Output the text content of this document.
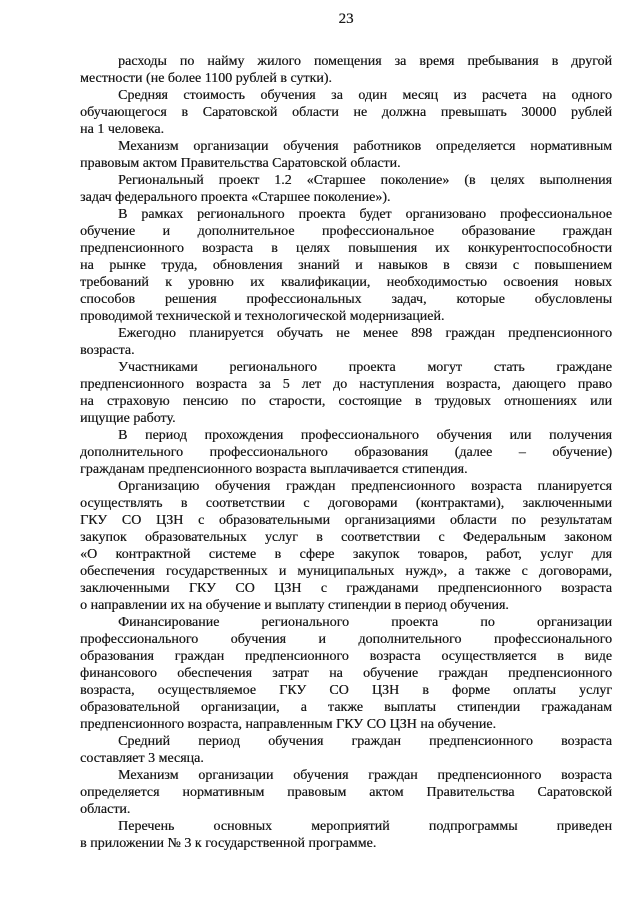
23
расходы по найму жилого помещения за время пребывания в другой
местности (не более 1100 рублей в сутки).
Средняя стоимость обучения за один месяц из расчета на одного
обучающегося в Саратовской области не должна превышать 30000 рублей
на 1 человека.
Механизм организации обучения работников определяется нормативным
правовым актом Правительства Саратовской области.
Региональный проект 1.2 «Старшее поколение» (в целях выполнения
задач федерального проекта «Старшее поколение»).
В рамках регионального проекта будет организовано профессиональное
обучение и дополнительное профессиональное образование граждан
предпенсионного возраста в целях повышения их конкурентоспособности
на рынке труда, обновления знаний и навыков в связи с повышением
требований к уровню их квалификации, необходимостью освоения новых
способов решения профессиональных задач, которые обусловлены
проводимой технической и технологической модернизацией.
Ежегодно планируется обучать не менее 898 граждан предпенсионного
возраста.
Участниками регионального проекта могут стать граждане
предпенсионного возраста за 5 лет до наступления возраста, дающего право
на страховую пенсию по старости, состоящие в трудовых отношениях или
ищущие работу.
В период прохождения профессионального обучения или получения
дополнительного профессионального образования (далее – обучение)
гражданам предпенсионного возраста выплачивается стипендия.
Организацию обучения граждан предпенсионного возраста планируется
осуществлять в соответствии с договорами (контрактами), заключенными
ГКУ СО ЦЗН с образовательными организациями области по результатам
закупок образовательных услуг в соответствии с Федеральным законом
«О контрактной системе в сфере закупок товаров, работ, услуг для
обеспечения государственных и муниципальных нужд», а также с договорами,
заключенными ГКУ СО ЦЗН с гражданами предпенсионного возраста
о направлении их на обучение и выплату стипендии в период обучения.
Финансирование регионального проекта по организации
профессионального обучения и дополнительного профессионального
образования граждан предпенсионного возраста осуществляется в виде
финансового обеспечения затрат на обучение граждан предпенсионного
возраста, осуществляемое ГКУ СО ЦЗН в форме оплаты услуг
образовательной организации, а также выплаты стипендии гражаданам
предпенсионного возраста, направленным ГКУ СО ЦЗН на обучение.
Средний период обучения граждан предпенсионного возраста
составляет 3 месяца.
Механизм организации обучения граждан предпенсионного возраста
определяется нормативным правовым актом Правительства Саратовской
области.
Перечень основных мероприятий подпрограммы приведен
в приложении № 3 к государственной программе.
